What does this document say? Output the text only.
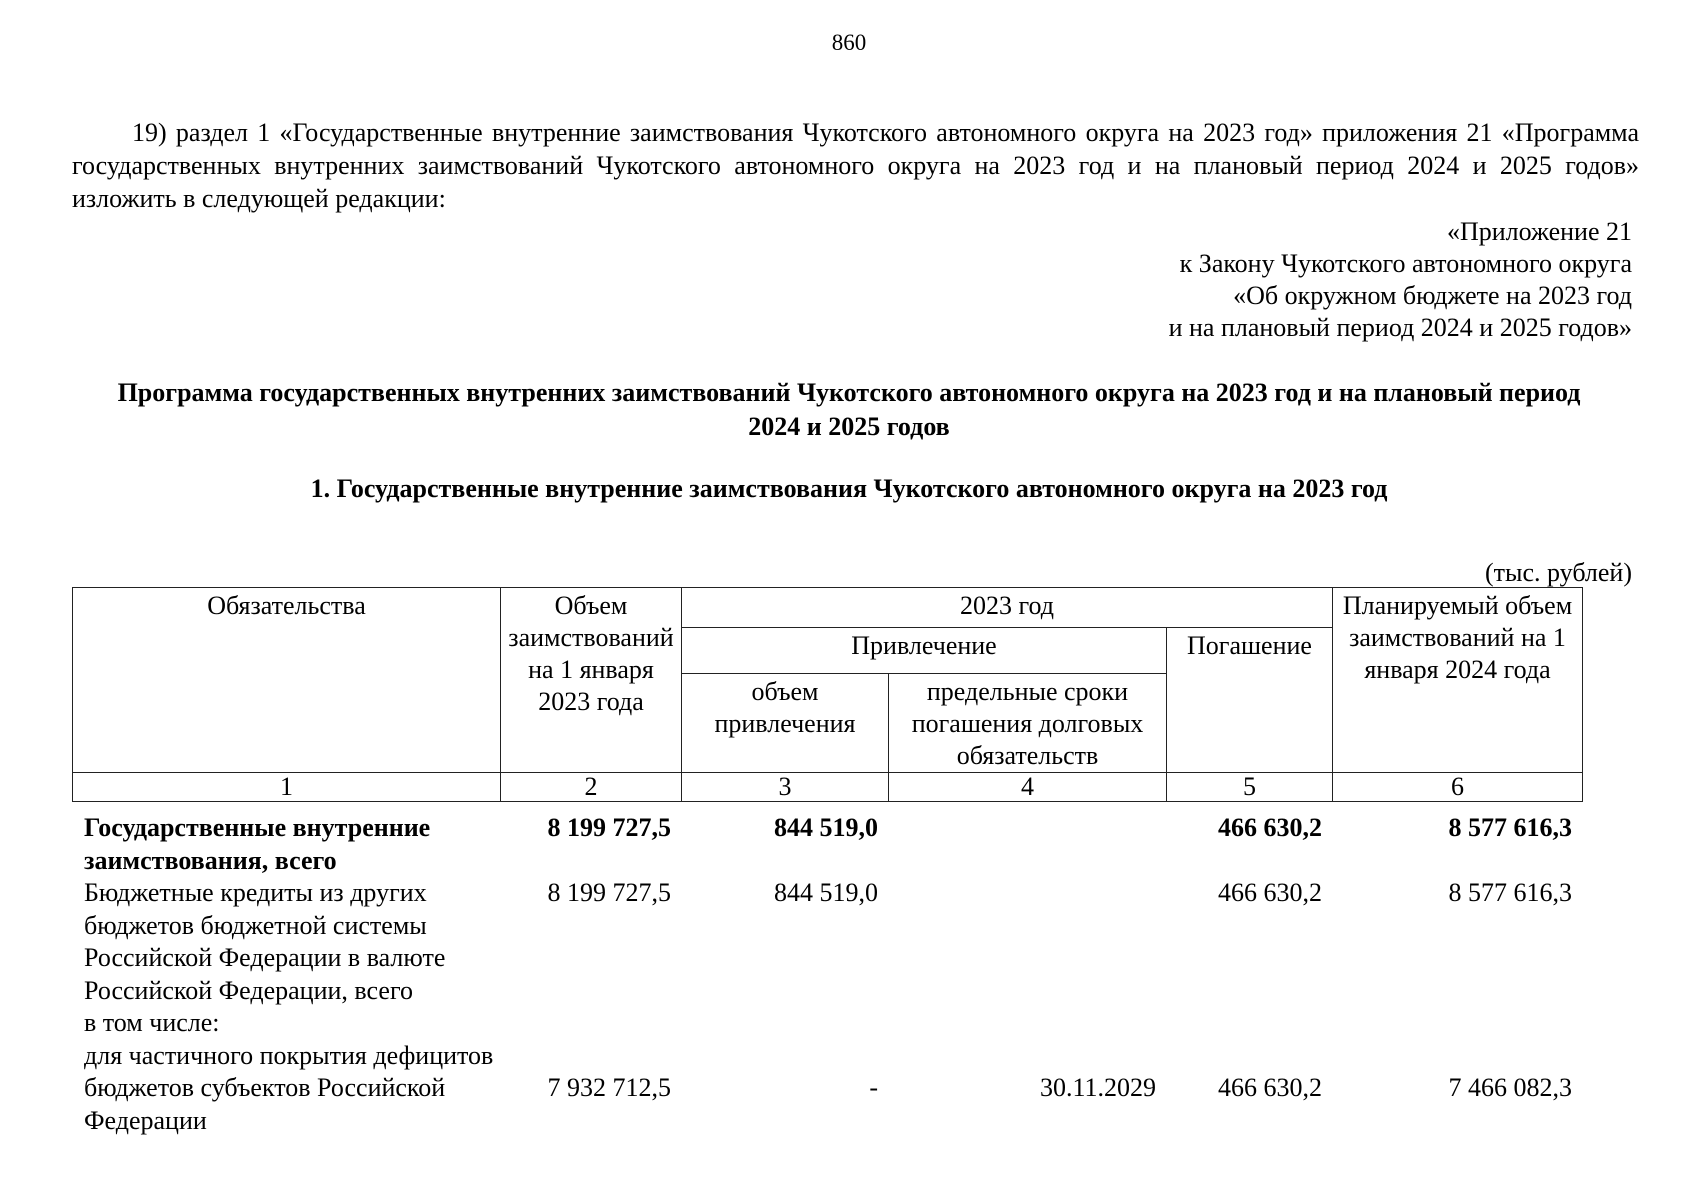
860
19) раздел 1 «Государственные внутренние заимствования Чукотского автономного округа на 2023 год» приложения 21 «Программа государственных внутренних заимствований Чукотского автономного округа на 2023 год и на плановый период 2024 и 2025 годов» изложить в следующей редакции:
«Приложение 21
к Закону Чукотского автономного округа
«Об окружном бюджете на 2023 год
и на плановый период 2024 и 2025 годов»
Программа государственных внутренних заимствований Чукотского автономного округа на 2023 год и на плановый период 2024 и 2025 годов
1. Государственные внутренние заимствования Чукотского автономного округа на 2023 год
(тыс. рублей)
Обязательства	Объем заимствований на 1 января 2023 года	2023 год			Планируемый объем заимствований на 1 января 2024 года
		Привлечение		Погашение	
		объем привлечения	предельные сроки погашения долговых обязательств		
1	2	3	4	5	6
Государственные внутренние заимствования, всего	8 199 727,5	844 519,0		466 630,2	8 577 616,3
Бюджетные кредиты из других бюджетов бюджетной системы Российской Федерации в валюте Российской Федерации, всего	8 199 727,5	844 519,0		466 630,2	8 577 616,3
в том числе:					
для частичного покрытия дефицитов бюджетов субъектов Российской Федерации	7 932 712,5	-	30.11.2029	466 630,2	7 466 082,3
